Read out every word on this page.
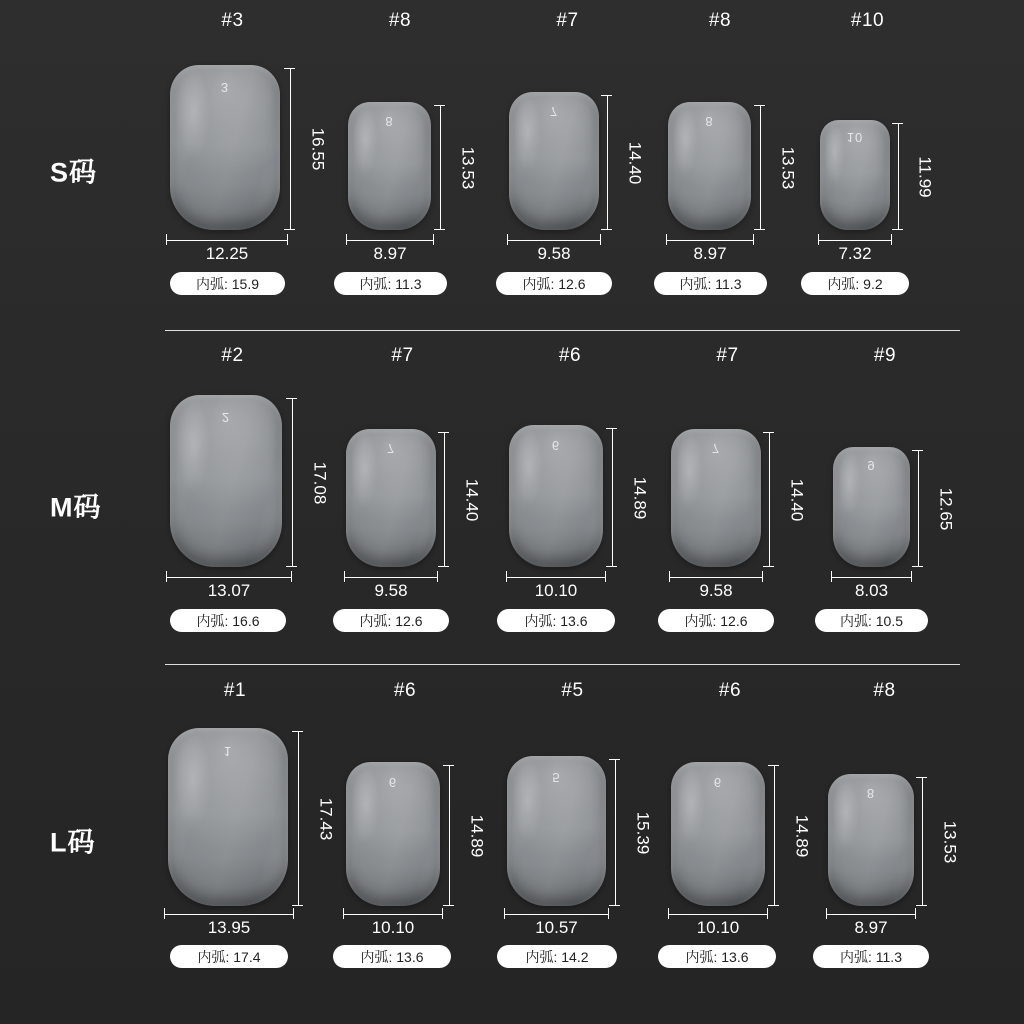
S码
#3
3
16.55
12.25
内弧: 15.9
#8
8
13.53
8.97
内弧: 11.3
#7
7
14.40
9.58
内弧: 12.6
#8
8
13.53
8.97
内弧: 11.3
#10
10
11.99
7.32
内弧: 9.2
M码
#2
2
17.08
13.07
内弧: 16.6
#7
7
14.40
9.58
内弧: 12.6
#6
6
14.89
10.10
内弧: 13.6
#7
7
14.40
9.58
内弧: 12.6
#9
9
12.65
8.03
内弧: 10.5
L码
#1
1
17.43
13.95
内弧: 17.4
#6
6
14.89
10.10
内弧: 13.6
#5
5
15.39
10.57
内弧: 14.2
#6
6
14.89
10.10
内弧: 13.6
#8
8
13.53
8.97
内弧: 11.3
